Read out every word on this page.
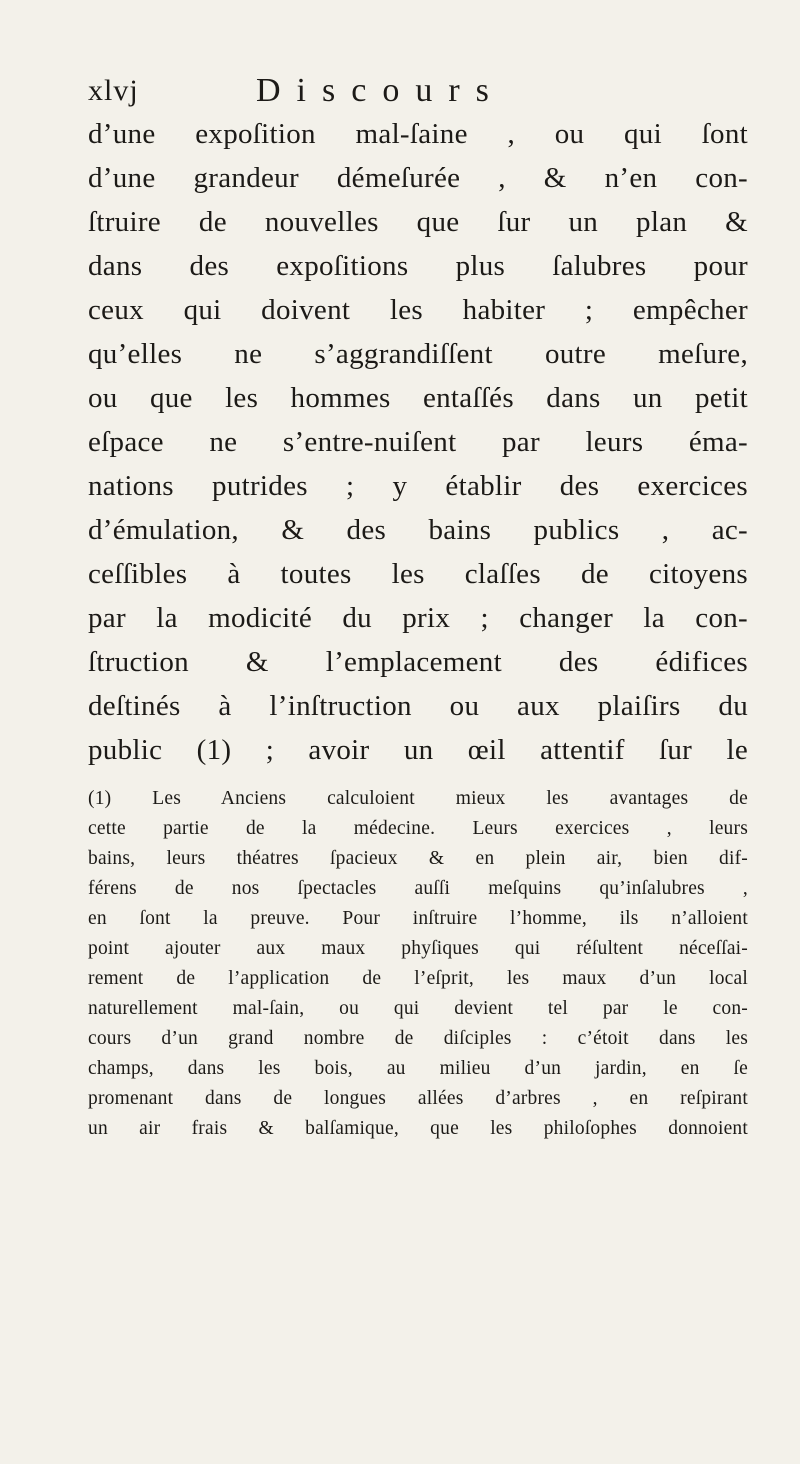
xlvj	Discours
d’une expoſition mal-ſaine , ou qui ſont
d’une grandeur démeſurée , & n’en con-
ſtruire de nouvelles que ſur un plan &
dans des expoſitions plus ſalubres pour
ceux qui doivent les habiter ; empêcher
qu’elles ne s’aggrandiſſent outre meſure,
ou que les hommes entaſſés dans un petit
eſpace ne s’entre-nuiſent par leurs éma-
nations putrides ; y établir des exercices
d’émulation, & des bains publics , ac-
ceſſibles à toutes les claſſes de citoyens
par la modicité du prix ; changer la con-
ſtruction & l’emplacement des édifices
deſtinés à l’inſtruction ou aux plaiſirs du
public (1) ; avoir un œil attentif ſur le
(1) Les Anciens calculoient mieux les avantages de
cette partie de la médecine. Leurs exercices , leurs
bains, leurs théatres ſpacieux & en plein air, bien dif-
férens de nos ſpectacles auſſi meſquins qu’inſalubres ,
en ſont la preuve. Pour inſtruire l’homme, ils n’alloient
point ajouter aux maux phyſiques qui réſultent néceſſai-
rement de l’application de l’eſprit, les maux d’un local
naturellement mal-ſain, ou qui devient tel par le con-
cours d’un grand nombre de diſciples : c’étoit dans les
champs, dans les bois, au milieu d’un jardin, en ſe
promenant dans de longues allées d’arbres , en reſpirant
un air frais & balſamique, que les philoſophes donnoient
